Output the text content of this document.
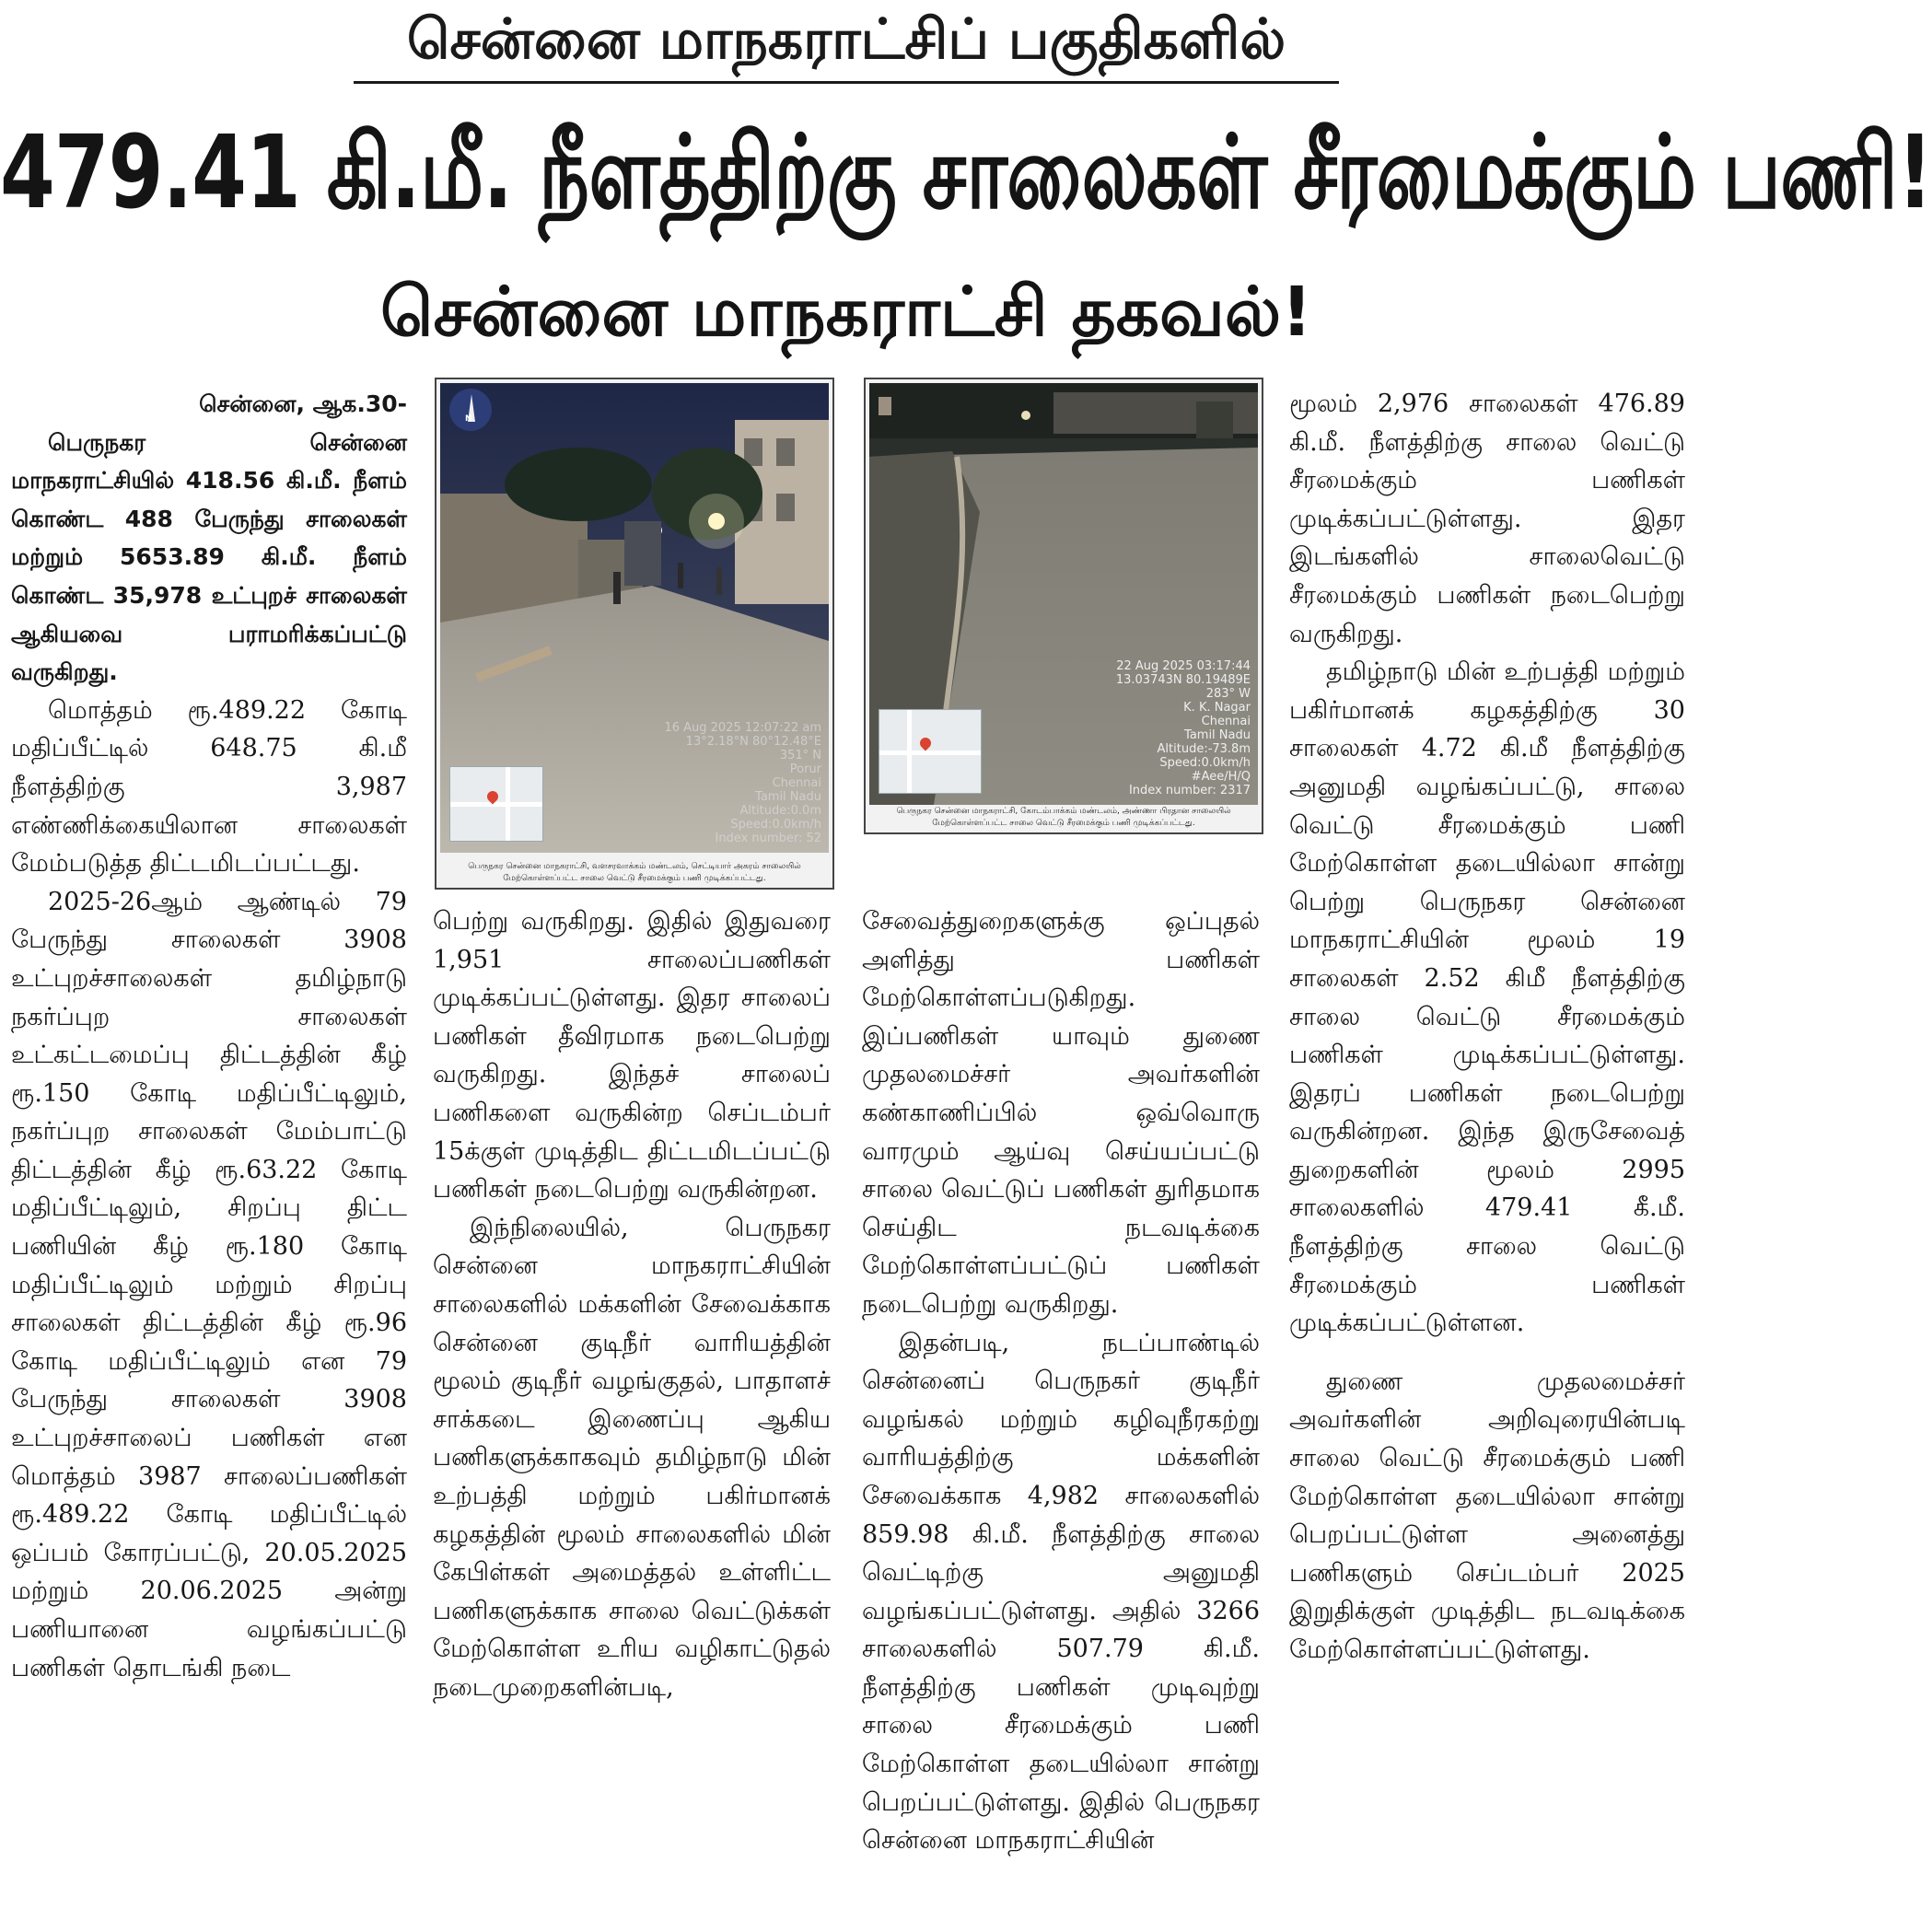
சென்னை மாநகராட்சிப் பகுதிகளில்
479.41 கி.மீ. நீளத்திற்கு சாலைகள் சீரமைக்கும் பணி!
சென்னை மாநகராட்சி தகவல்!

சென்னை, ஆக.30-

பெருநகர சென்னை மாநகராட்சியில் 418.56 கி.மீ. நீளம் கொண்ட 488 பேருந்து சாலைகள் மற்றும் 5653.89 கி.மீ. நீளம் கொண்ட 35,978 உட்புறச் சாலைகள் ஆகியவை பராமரிக்கப்பட்டு வருகிறது.

மொத்தம் ரூ.489.22 கோடி மதிப்பீட்டில் 648.75 கி.மீ நீளத்திற்கு 3,987 எண்ணிக்கையிலான சாலைகள் மேம்படுத்த திட்டமிடப்பட்டது.

2025-26ஆம் ஆண்டில் 79 பேருந்து சாலைகள் 3908 உட்புறச்சாலைகள் தமிழ்நாடு நகர்ப்புற சாலைகள் உட்கட்டமைப்பு திட்டத்தின் கீழ் ரூ.150 கோடி மதிப்பீட்டிலும், நகர்ப்புற சாலைகள் மேம்பாட்டு திட்டத்தின் கீழ் ரூ.63.22 கோடி மதிப்பீட்டிலும், சிறப்பு திட்ட பணியின் கீழ் ரூ.180 கோடி மதிப்பீட்டிலும் மற்றும் சிறப்பு சாலைகள் திட்டத்தின் கீழ் ரூ.96 கோடி மதிப்பீட்டிலும் என 79 பேருந்து சாலைகள் 3908 உட்புறச்சாலைப் பணிகள் என மொத்தம் 3987 சாலைப்பணிகள் ரூ.489.22 கோடி மதிப்பீட்டில் ஒப்பம் கோரப்பட்டு, 20.05.2025 மற்றும் 20.06.2025 அன்று பணியானை வழங்கப்பட்டு பணிகள் தொடங்கி நடை

N
16 Aug 2025 12:07:22 am
13°2.18°N 80°12.48°E
351° N
Porur
Chennai
Tamil Nadu
Altitude:0.0m
Speed:0.0km/h
Index number: 52
பெருநகர சென்னை மாநகராட்சி, வளசரவாக்கம் மண்டலம், செட்டியார் அகரம் சாலையில் மேற்கொள்ளப்பட்ட சாலை வெட்டு சீரமைக்கும் பணி முடிக்கப்பட்டது.
22 Aug 2025 03:17:44
13.03743N 80.19489E
283° W
K. K. Nagar
Chennai
Tamil Nadu
Altitude:-73.8m
Speed:0.0km/h
#Aee/H/Q
Index number: 2317
பெருநகர சென்னை மாநகராட்சி, கோடம்பாக்கம் மண்டலம், அண்ணா பிரதான சாலையில் மேற்கொள்ளப்பட்ட சாலை வெட்டு சீரமைக்கும் பணி முடிக்கப்பட்டது.

பெற்று வருகிறது. இதில் இதுவரை 1,951 சாலைப்பணிகள் முடிக்கப்பட்டுள்ளது. இதர சாலைப் பணிகள் தீவிரமாக நடைபெற்று வருகிறது. இந்தச் சாலைப் பணிகளை வருகின்ற செப்டம்பர் 15க்குள் முடித்திட திட்டமிடப்பட்டு பணிகள் நடைபெற்று வருகின்றன.

இந்நிலையில், பெருநகர சென்னை மாநகராட்சியின் சாலைகளில் மக்களின் சேவைக்காக சென்னை குடிநீர் வாரியத்தின் மூலம் குடிநீர் வழங்குதல், பாதாளச் சாக்கடை இணைப்பு ஆகிய பணிகளுக்காகவும் தமிழ்நாடு மின் உற்பத்தி மற்றும் பகிர்மானக் கழகத்தின் மூலம் சாலைகளில் மின் கேபிள்கள் அமைத்தல் உள்ளிட்ட பணிகளுக்காக சாலை வெட்டுக்கள் மேற்கொள்ள உரிய வழிகாட்டுதல் நடைமுறைகளின்படி,

சேவைத்துறைகளுக்கு ஒப்புதல் அளித்து பணிகள் மேற்கொள்ளப்படுகிறது. இப்பணிகள் யாவும் துணை முதலமைச்சர் அவர்களின் கண்காணிப்பில் ஒவ்வொரு வாரமும் ஆய்வு செய்யப்பட்டு சாலை வெட்டுப் பணிகள் துரிதமாக செய்திட நடவடிக்கை மேற்கொள்ளப்பட்டுப் பணிகள் நடைபெற்று வருகிறது.

இதன்படி, நடப்பாண்டில் சென்னைப் பெருநகர் குடிநீர் வழங்கல் மற்றும் கழிவுநீரகற்று வாரியத்திற்கு மக்களின் சேவைக்காக 4,982 சாலைகளில் 859.98 கி.மீ. நீளத்திற்கு சாலை வெட்டிற்கு அனுமதி வழங்கப்பட்டுள்ளது. அதில் 3266 சாலைகளில் 507.79 கி.மீ. நீளத்திற்கு பணிகள் முடிவுற்று சாலை சீரமைக்கும் பணி மேற்கொள்ள தடையில்லா சான்று பெறப்பட்டுள்ளது. இதில் பெருநகர சென்னை மாநகராட்சியின்

மூலம் 2,976 சாலைகள் 476.89 கி.மீ. நீளத்திற்கு சாலை வெட்டு சீரமைக்கும் பணிகள் முடிக்கப்பட்டுள்ளது. இதர இடங்களில் சாலைவெட்டு சீரமைக்கும் பணிகள் நடைபெற்று வருகிறது.

தமிழ்நாடு மின் உற்பத்தி மற்றும் பகிர்மானக் கழகத்திற்கு 30 சாலைகள் 4.72 கி.மீ நீளத்திற்கு அனுமதி வழங்கப்பட்டு, சாலை வெட்டு சீரமைக்கும் பணி மேற்கொள்ள தடையில்லா சான்று பெற்று பெருநகர சென்னை மாநகராட்சியின் மூலம் 19 சாலைகள் 2.52 கிமீ நீளத்திற்கு சாலை வெட்டு சீரமைக்கும் பணிகள் முடிக்கப்பட்டுள்ளது. இதரப் பணிகள் நடைபெற்று வருகின்றன. இந்த இருசேவைத் துறைகளின் மூலம் 2995 சாலைகளில் 479.41 கீ.மீ. நீளத்திற்கு சாலை வெட்டு சீரமைக்கும் பணிகள் முடிக்கப்பட்டுள்ளன.

துணை முதலமைச்சர் அவர்களின் அறிவுரையின்படி சாலை வெட்டு சீரமைக்கும் பணி மேற்கொள்ள தடையில்லா சான்று பெறப்பட்டுள்ள அனைத்து பணிகளும் செப்டம்பர் 2025 இறுதிக்குள் முடித்திட நடவடிக்கை மேற்கொள்ளப்பட்டுள்ளது.
